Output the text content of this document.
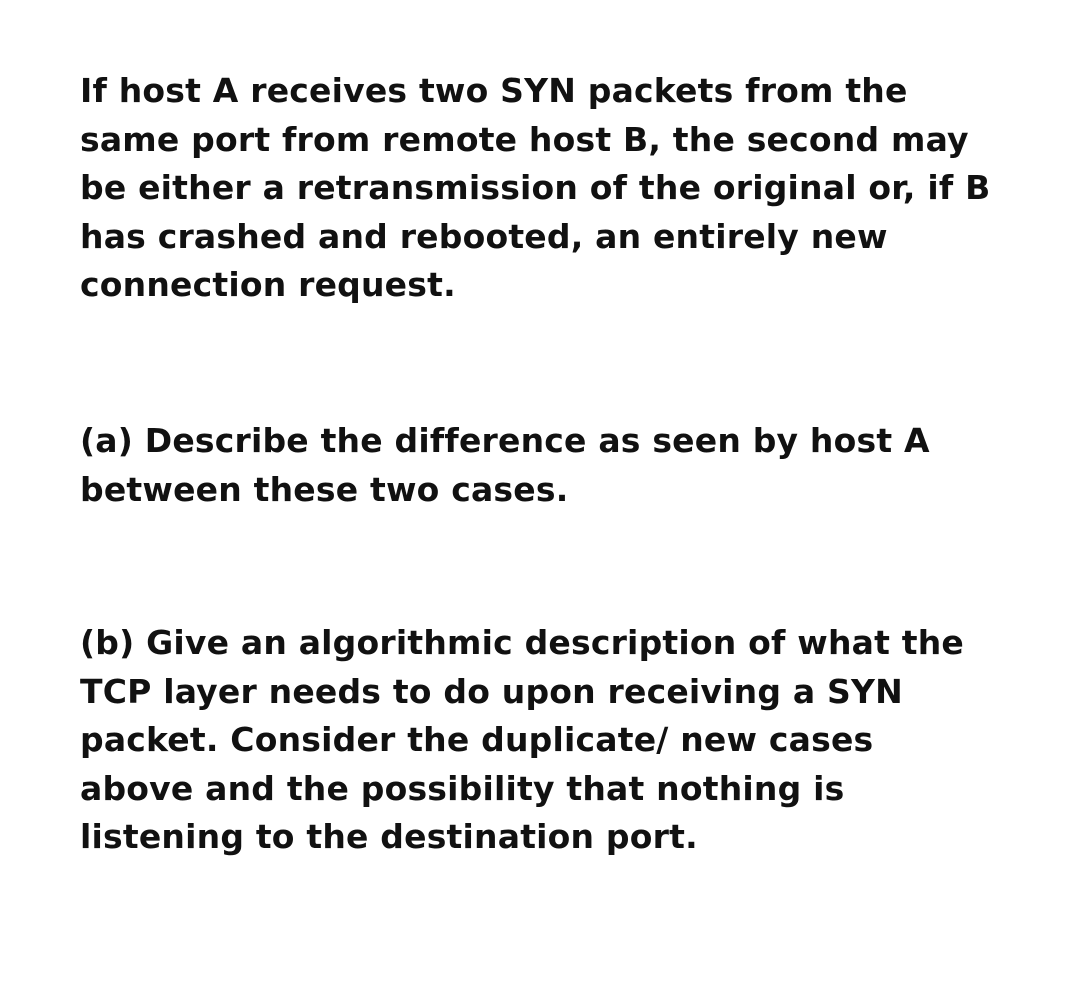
If host A receives two SYN packets from the
same port from remote host B, the second may
be either a retransmission of the original or, if B
has crashed and rebooted, an entirely new
connection request.

(a) Describe the difference as seen by host A
between these two cases.

(b) Give an algorithmic description of what the
TCP layer needs to do upon receiving a SYN
packet. Consider the duplicate/ new cases
above and the possibility that nothing is
listening to the destination port.
